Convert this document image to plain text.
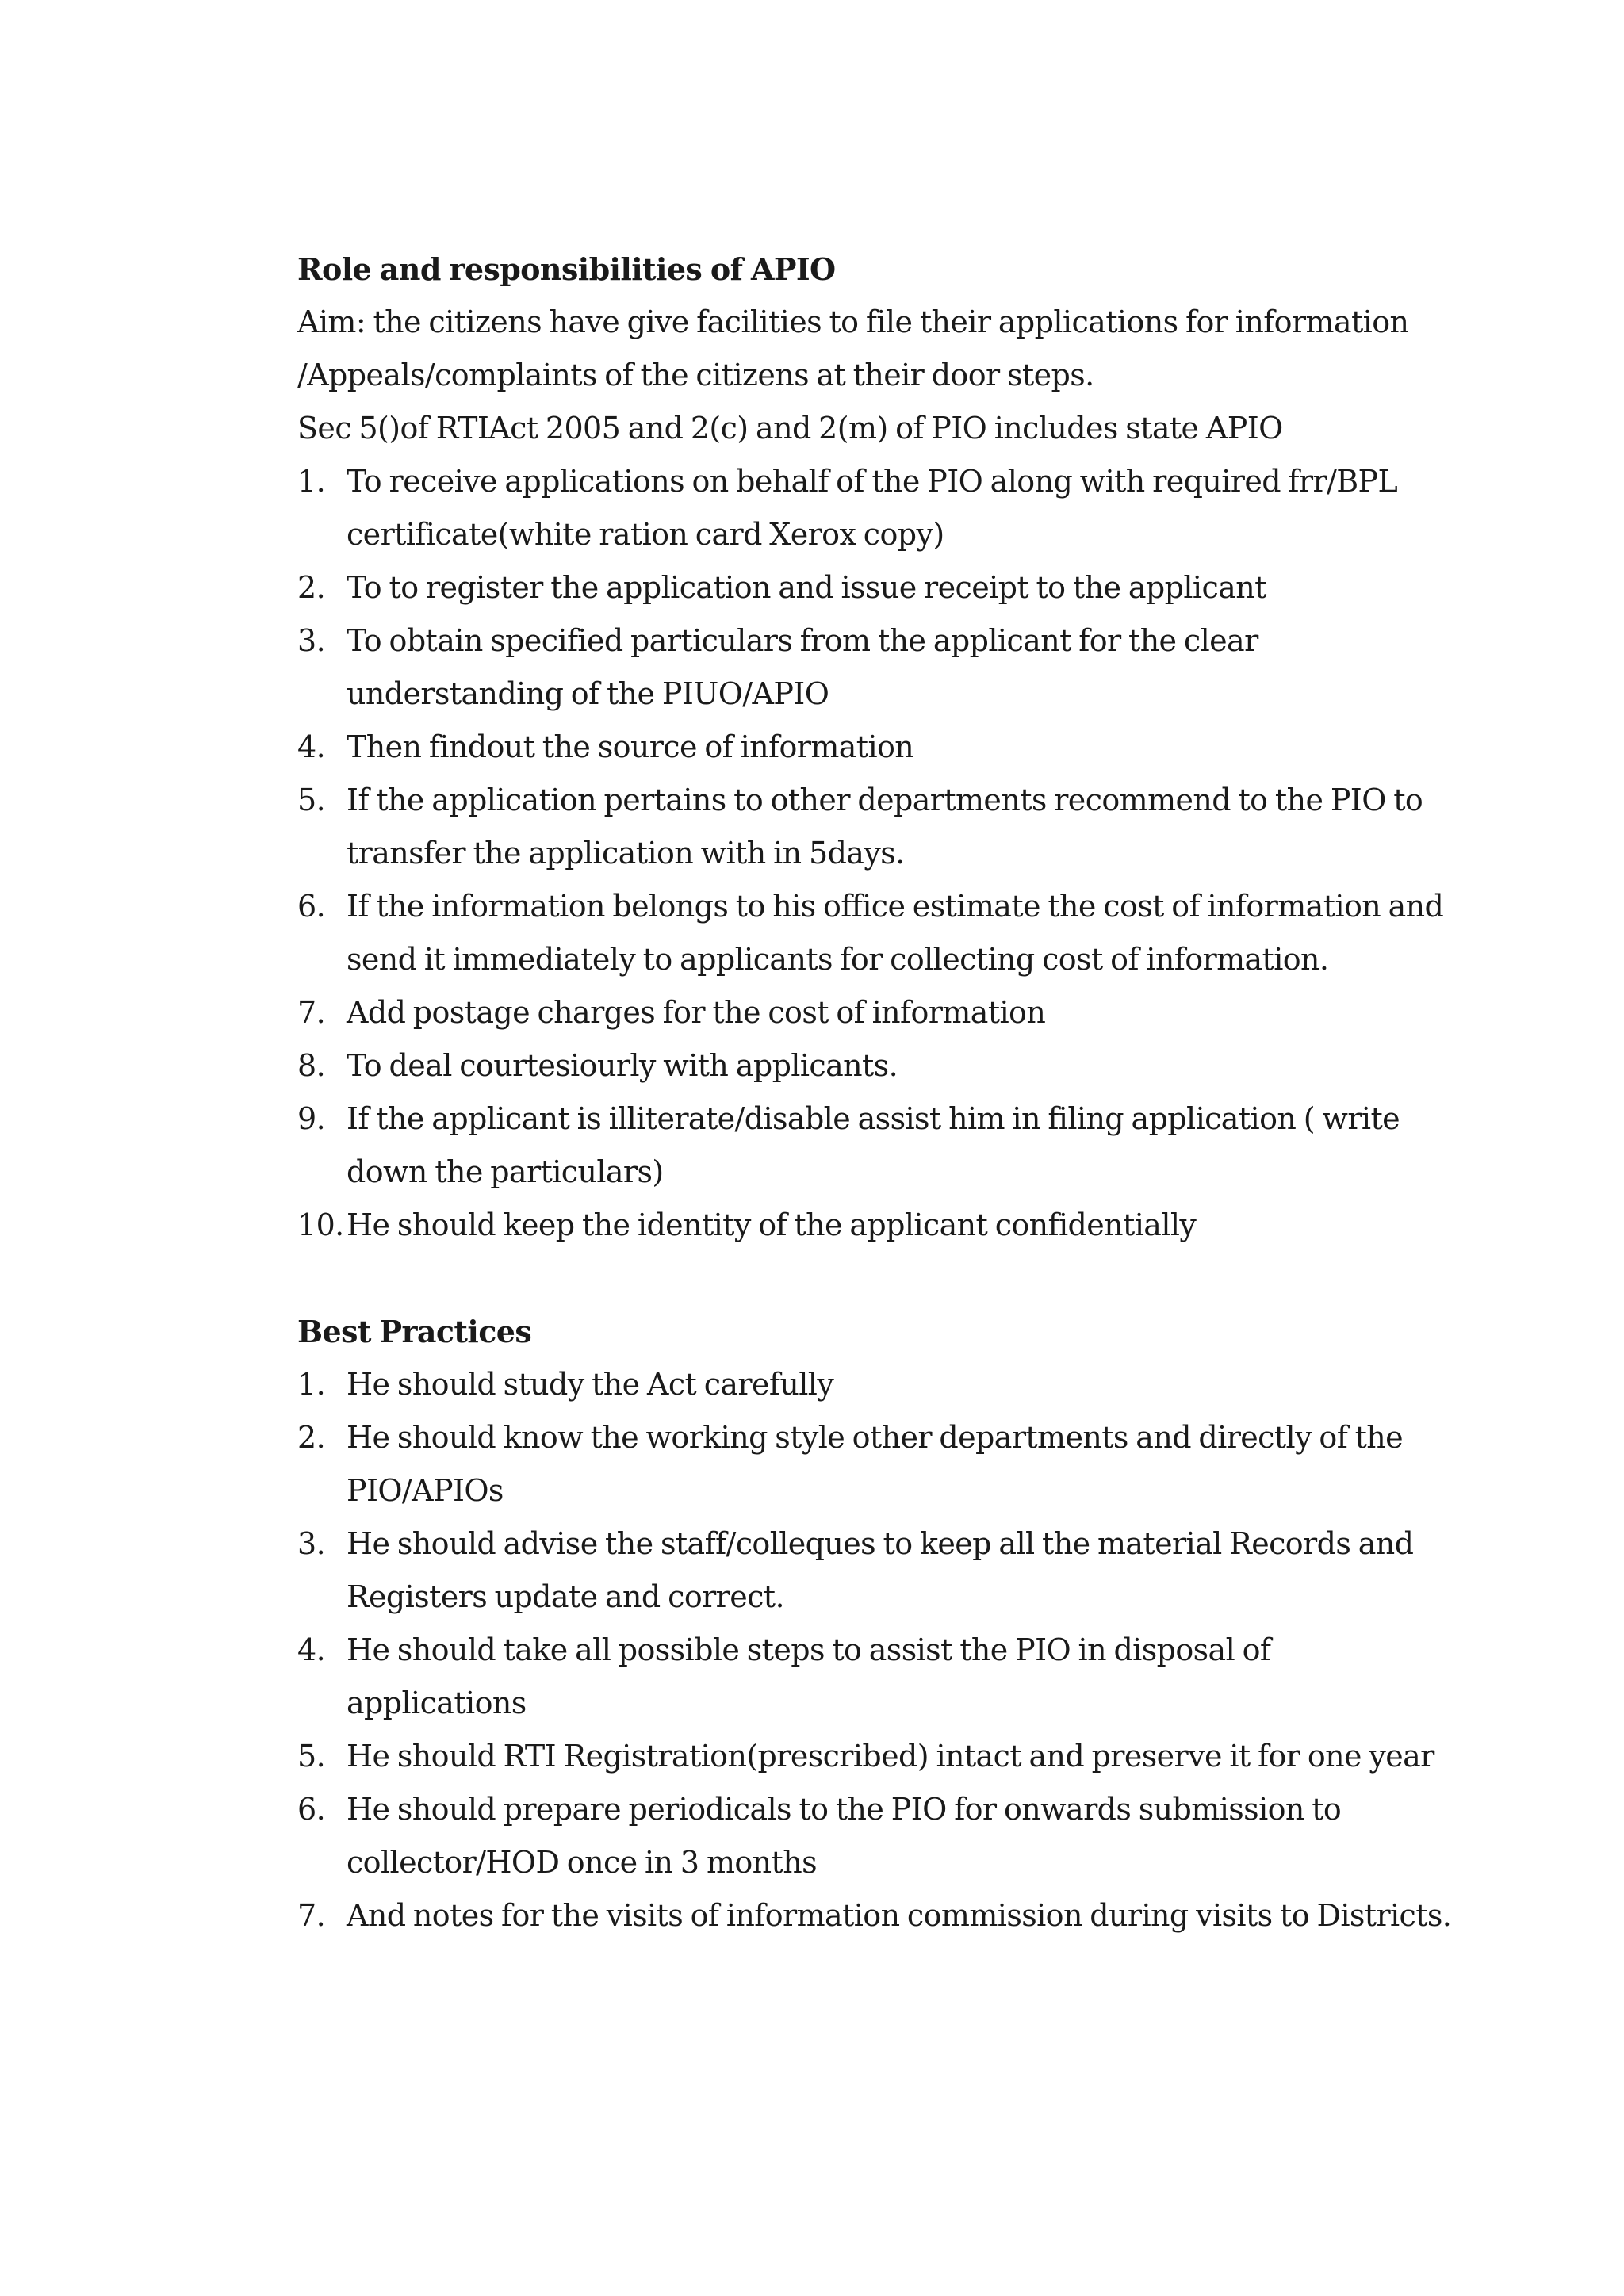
Role and responsibilities of APIO

Aim: the citizens have give facilities to file their applications for information /Appeals/complaints of the citizens at their door steps.

Sec 5()of RTIAct 2005 and 2(c) and 2(m) of PIO includes state APIO

1. To receive applications on behalf of the PIO along with required frr/BPL certificate(white ration card Xerox copy)
2. To to register the application and issue receipt to the applicant
3. To obtain specified particulars from the applicant for the clear understanding of the PIUO/APIO
4. Then findout the source of information
5. If the application pertains to other departments recommend to the PIO to transfer the application with in 5days.
6. If the information belongs to his office estimate the cost of information and send it immediately to applicants for collecting cost of information.
7. Add postage charges for the cost of information
8. To deal courtesiourly with applicants.
9. If the applicant is illiterate/disable assist him in filing application ( write down the particulars)
10. He should keep the identity of the applicant confidentially

Best Practices

1. He should study the Act carefully
2. He should know the working style other departments and directly of the PIO/APIOs
3. He should advise the staff/colleques to keep all the material Records and Registers update and correct.
4. He should take all possible steps to assist the PIO in disposal of applications
5. He should RTI Registration(prescribed) intact and preserve it for one year
6. He should prepare periodicals to the PIO for onwards submission to collector/HOD once in 3 months
7. And notes for the visits of information commission during visits to Districts.
